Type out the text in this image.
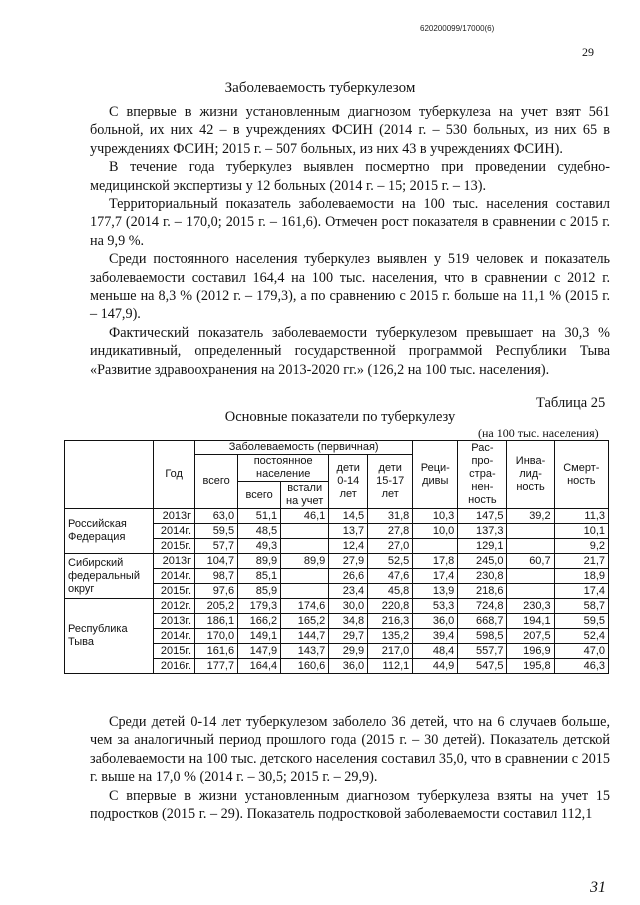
620200099/17000(6)
29
Заболеваемость туберкулезом

С впервые в жизни установленным диагнозом туберкулеза на учет взят 561 больной, их них 42 – в учреждениях ФСИН (2014 г. – 530 больных, из них 65 в учреждениях ФСИН; 2015 г. – 507 больных, из них 43 в учреждениях ФСИН).

В течение года туберкулез выявлен посмертно при проведении судебно-медицинской экспертизы у 12 больных (2014 г. – 15; 2015 г. – 13).

Территориальный показатель заболеваемости на 100 тыс. населения составил 177,7 (2014 г. – 170,0; 2015 г. – 161,6). Отмечен рост показателя в сравнении с 2015 г. на 9,9 %.

Среди постоянного населения туберкулез выявлен у 519 человек и показатель заболеваемости составил 164,4 на 100 тыс. населения, что в сравнении с 2012 г. меньше на 8,3 % (2012 г. – 179,3), а по сравнению с 2015 г. больше на 11,1 % (2015 г. – 147,9).

Фактический показатель заболеваемости туберкулезом превышает на 30,3 % индикативный, определенный государственной программой Республики Тыва «Развитие здравоохранения на 2013-2020 гг.» (126,2 на 100 тыс. населения).

Таблица 25
Основные показатели по туберкулезу
(на 100 тыс. населения)
	Год	Заболеваемость (первичная)					Реци-дивы	Рас-про-стра-нен-ность	Инва-лид-ность	Смерт-ность
		всего	постоянное население		дети 0-14 лет	дети 15-17 лет				
			всего	встали на учет						
Российская Федерация	2013г	63,0	51,1	46,1	14,5	31,8	10,3	147,5	39,2	11,3
	2014г.	59,5	48,5		13,7	27,8	10,0	137,3		10,1
	2015г.	57,7	49,3		12,4	27,0		129,1		9,2
Сибирский федеральный округ	2013г	104,7	89,9	89,9	27,9	52,5	17,8	245,0	60,7	21,7
	2014г.	98,7	85,1		26,6	47,6	17,4	230,8		18,9
	2015г.	97,6	85,9		23,4	45,8	13,9	218,6		17,4
Республика Тыва	2012г.	205,2	179,3	174,6	30,0	220,8	53,3	724,8	230,3	58,7
	2013г.	186,1	166,2	165,2	34,8	216,3	36,0	668,7	194,1	59,5
	2014г.	170,0	149,1	144,7	29,7	135,2	39,4	598,5	207,5	52,4
	2015г.	161,6	147,9	143,7	29,9	217,0	48,4	557,7	196,9	47,0
	2016г.	177,7	164,4	160,6	36,0	112,1	44,9	547,5	195,8	46,3

Среди детей 0-14 лет туберкулезом заболело 36 детей, что на 6 случаев больше, чем за аналогичный период прошлого года (2015 г. – 30 детей). Показатель детской заболеваемости на 100 тыс. детского населения составил 35,0, что в сравнении с 2015 г. выше на 17,0 % (2014 г. – 30,5; 2015 г. – 29,9).

С впервые в жизни установленным диагнозом туберкулеза взяты на учет 15 подростков (2015 г. – 29). Показатель подростковой заболеваемости составил 112,1

31
